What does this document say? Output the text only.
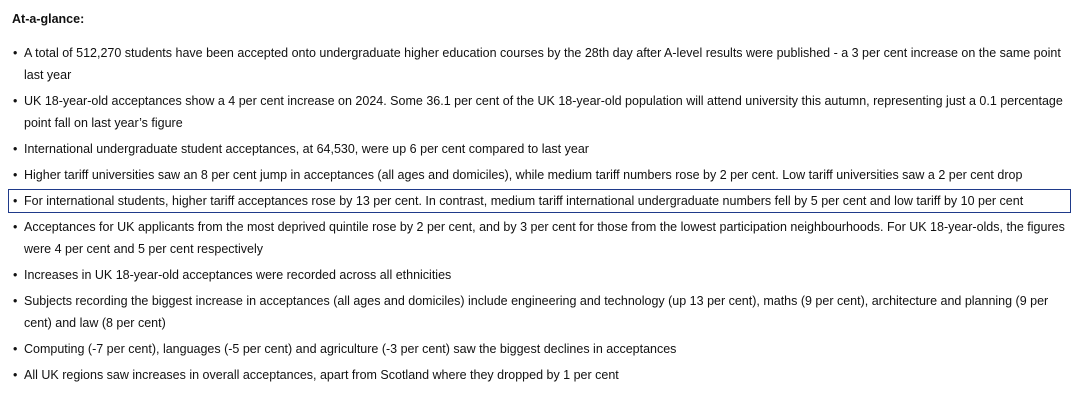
At-a-glance:
• A total of 512,270 students have been accepted onto undergraduate higher education courses by the 28th day after A-level results were published - a 3 per cent increase on the same point last year
• UK 18-year-old acceptances show a 4 per cent increase on 2024. Some 36.1 per cent of the UK 18-year-old population will attend university this autumn, representing just a 0.1 percentage point fall on last year’s figure
• International undergraduate student acceptances, at 64,530, were up 6 per cent compared to last year
• Higher tariff universities saw an 8 per cent jump in acceptances (all ages and domiciles), while medium tariff numbers rose by 2 per cent. Low tariff universities saw a 2 per cent drop
• For international students, higher tariff acceptances rose by 13 per cent. In contrast, medium tariff international undergraduate numbers fell by 5 per cent and low tariff by 10 per cent
• Acceptances for UK applicants from the most deprived quintile rose by 2 per cent, and by 3 per cent for those from the lowest participation neighbourhoods. For UK 18-year-olds, the figures were 4 per cent and 5 per cent respectively
• Increases in UK 18-year-old acceptances were recorded across all ethnicities
• Subjects recording the biggest increase in acceptances (all ages and domiciles) include engineering and technology (up 13 per cent), maths (9 per cent), architecture and planning (9 per cent) and law (8 per cent)
• Computing (-7 per cent), languages (-5 per cent) and agriculture (-3 per cent) saw the biggest declines in acceptances
• All UK regions saw increases in overall acceptances, apart from Scotland where they dropped by 1 per cent
